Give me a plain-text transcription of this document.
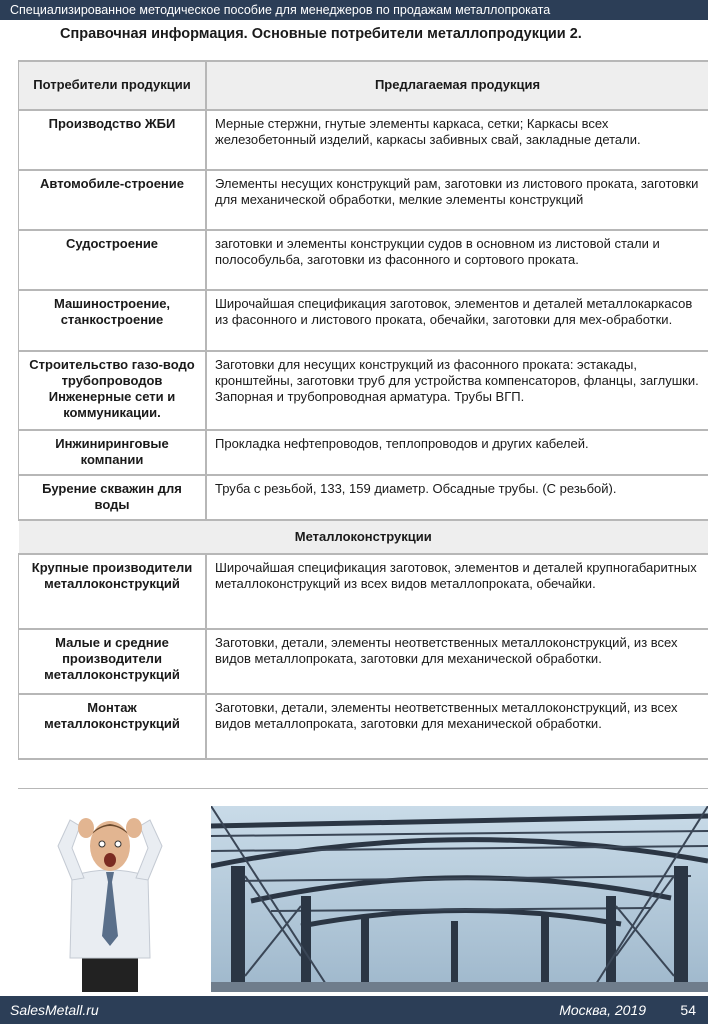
Специализированное методическое пособие для менеджеров по продажам металлопроката
Справочная информация. Основные потребители металлопродукции 2.
Потребители продукции	Предлагаемая продукция
Производство ЖБИ	Мерные стержни, гнутые элементы каркаса, сетки; Каркасы всех железобетонный изделий, каркасы забивных свай, закладные детали.
Автомобиле-строение	Элементы несущих конструкций рам, заготовки из листового проката, заготовки для механической обработки, мелкие элементы конструкций
Судостроение	заготовки и элементы конструкции судов в основном из листовой стали и полособульба, заготовки из фасонного и сортового проката.
Машиностроение, станкостроение	Широчайшая спецификация заготовок, элементов и деталей металлокаркасов из фасонного и листового проката, обечайки, заготовки для мех-обработки.
Строительство газо-водо трубопроводов Инженерные сети и коммуникации.	Заготовки для несущих конструкций из фасонного проката: эстакады, кронштейны, заготовки труб для устройства компенсаторов, фланцы, заглушки. Запорная и трубопроводная арматура. Трубы ВГП.
Инжиниринговые компании	Прокладка нефтепроводов, теплопроводов и других кабелей.
Бурение скважин для воды	Труба с резьбой, 133, 159 диаметр. Обсадные трубы. (С резьбой).
Металлоконструкции	
Крупные производители металлоконструкций	Широчайшая спецификация заготовок, элементов и деталей крупногабаритных металлоконструкций из всех видов металлопроката, обечайки.
Малые и средние производители металлоконструкций	Заготовки, детали, элементы неответственных металлоконструкций, из всех видов металлопроката, заготовки для механической обработки.
Монтаж металлоконструкций	Заготовки, детали, элементы неответственных металлоконструкций, из всех видов металлопроката, заготовки для механической обработки.
SalesMetall.ru	Москва, 2019 54
